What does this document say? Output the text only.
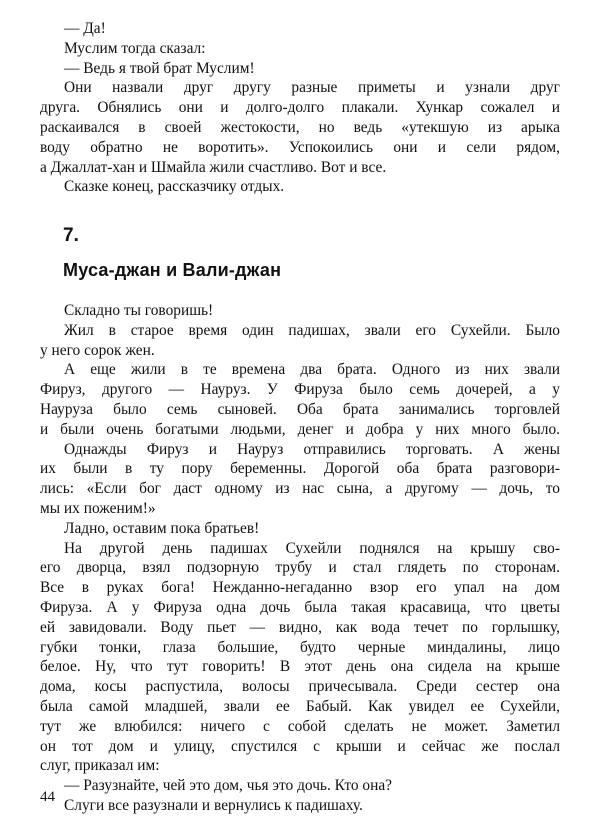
— Да!
Муслим тогда сказал:
— Ведь я твой брат Муслим!
Они назвали друг другу разные приметы и узнали друг
друга. Обнялись они и долго-долго плакали. Хункар сожалел и
раскаивался в своей жестокости, но ведь «утекшую из арыка
воду обратно не воротить». Успокоились они и сели рядом,
а Джаллат-хан и Шмайла жили счастливо. Вот и все.
Сказке конец, рассказчику отдых.
7.
Муса-джан и Вали-джан
Складно ты говоришь!
Жил в старое время один падишах, звали его Сухейли. Было
у него сорок жен.
А еще жили в те времена два брата. Одного из них звали
Фируз, другого — Науруз. У Фируза было семь дочерей, а у
Науруза было семь сыновей. Оба брата занимались торговлей
и были очень богатыми людьми, денег и добра у них много было.
Однажды Фируз и Науруз отправились торговать. А жены
их были в ту пору беременны. Дорогой оба брата разговори-
лись: «Если бог даст одному из нас сына, а другому — дочь, то
мы их поженим!»
Ладно, оставим пока братьев!
На другой день падишах Сухейли поднялся на крышу сво-
его дворца, взял подзорную трубу и стал глядеть по сторонам.
Все в руках бога! Нежданно-негаданно взор его упал на дом
Фируза. А у Фируза одна дочь была такая красавица, что цветы
ей завидовали. Воду пьет — видно, как вода течет по горлышку,
губки тонки, глаза большие, будто черные миндалины, лицо
белое. Ну, что тут говорить! В этот день она сидела на крыше
дома, косы распустила, волосы причесывала. Среди сестер она
была самой младшей, звали ее Бабый. Как увидел ее Сухейли,
тут же влюбился: ничего с собой сделать не может. Заметил
он тот дом и улицу, спустился с крыши и сейчас же послал
слуг, приказал им:
— Разузнайте, чей это дом, чья это дочь. Кто она?
Слуги все разузнали и вернулись к падишаху.
44
